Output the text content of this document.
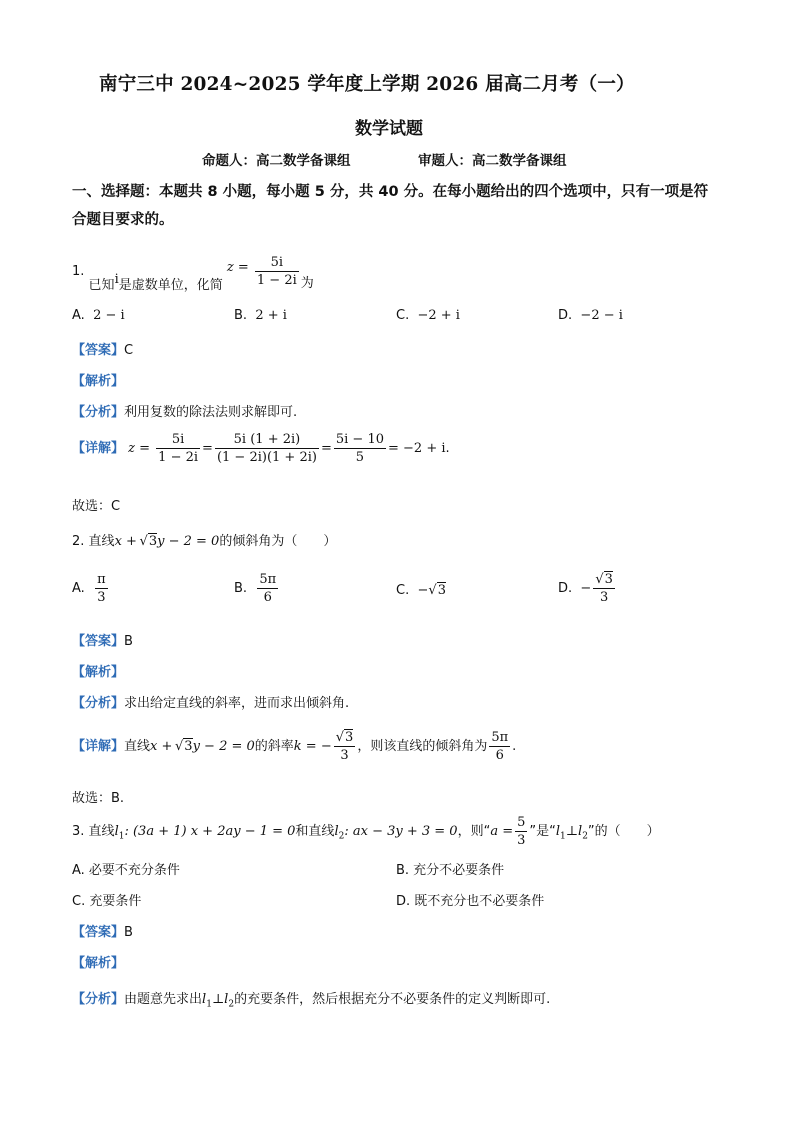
南宁三中 2024~2025 学年度上学期 2026 届高二月考（一）
数学试题
命题人：高二数学备课组	审题人：高二数学备课组
一、选择题：本题共 8 小题，每小题 5 分，共 40 分。在每小题给出的四个选项中，只有一项是符合题目要求的。
1. 已知i是虚数单位，化简 $z = \frac{5i}{1 - 2i}$ 为
A. 2 − i	B. 2 + i	C. −2 + i	D. −2 − i
【答案】C
【解析】
【分析】利用复数的除法法则求解即可.
【详解】 $z = \frac{5i}{1 - 2i} = \frac{5i (1 + 2i)}{(1 - 2i)(1 + 2i)} = \frac{5i - 10}{5} = -2 + i$.
故选：C
2. 直线x +  √3y − 2 = 0的倾斜角为（　　）
A. $\frac{\pi}{3}$	B. $\frac{5\pi}{6}$	C. −√3	D. − $\frac{√3}{3}$
【答案】B
【解析】
【分析】求出给定直线的斜率，进而求出倾斜角.
【详解】直线x +  √3y − 2 = 0的斜率k = − $\frac{√3}{3}$ ，则该直线的倾斜角为 $\frac{5\pi}{6}$ .
故选：B.
3. 直线$l_1$: (3a + 1) x + 2ay − 1 = 0和直线$l_2$: ax − 3y + 3 = 0，则“$a = \frac{5}{3}$ ”是“$l_1\perp l_2$”的（　　）
A. 必要不充分条件	B. 充分不必要条件
C. 充要条件	D. 既不充分也不必要条件
【答案】B
【解析】
【分析】由题意先求出$l_1\perp l_2$的充要条件，然后根据充分不必要条件的定义判断即可.
